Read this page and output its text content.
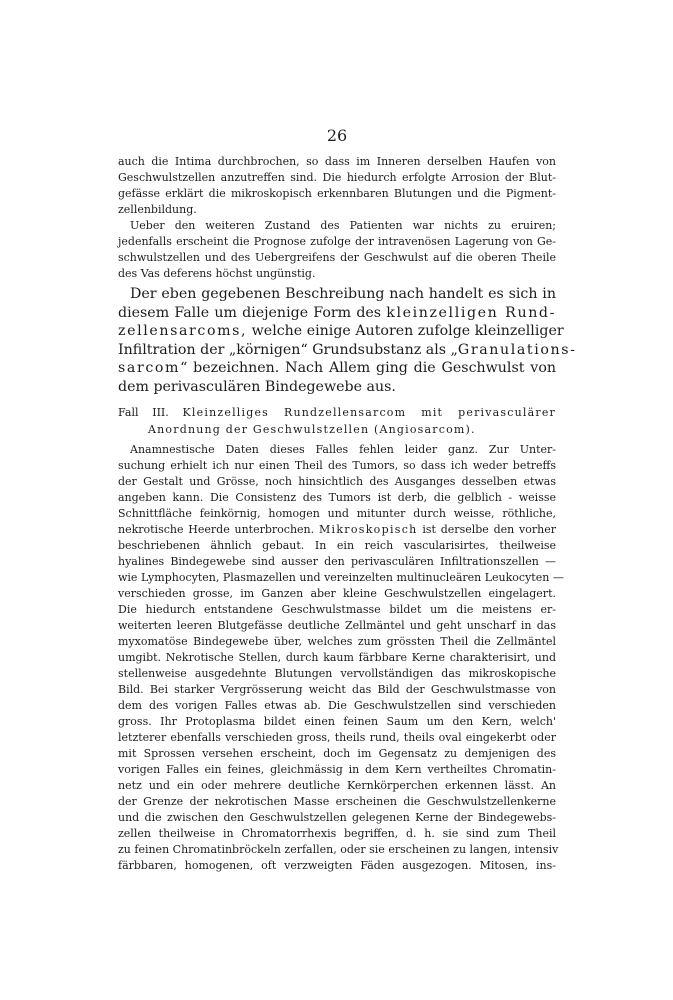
26
auch die Intima durchbrochen, so dass im Inneren derselben Haufen von
Geschwulstzellen anzutreffen sind. Die hiedurch erfolgte Arrosion der Blut-
gefässe erklärt die mikroskopisch erkennbaren Blutungen und die Pigment-
zellenbildung.
Ueber den weiteren Zustand des Patienten war nichts zu eruiren;
jedenfalls erscheint die Prognose zufolge der intravenösen Lagerung von Ge-
schwulstzellen und des Uebergreifens der Geschwulst auf die oberen Theile
des Vas deferens höchst ungünstig.
Der eben gegebenen Beschreibung nach handelt es sich in
diesem Falle um diejenige Form des kleinzelligen Rund-
zellensarcoms, welche einige Autoren zufolge kleinzelliger
Infiltration der „körnigen“ Grundsubstanz als „Granulations-
sarcom“ bezeichnen. Nach Allem ging die Geschwulst von
dem perivasculären Bindegewebe aus.
Fall III. Kleinzelliges Rundzellensarcom mit perivasculärer
Anordnung der Geschwulstzellen (Angiosarcom).
Anamnestische Daten dieses Falles fehlen leider ganz. Zur Unter-
suchung erhielt ich nur einen Theil des Tumors, so dass ich weder betreffs
der Gestalt und Grösse, noch hinsichtlich des Ausganges desselben etwas
angeben kann. Die Consistenz des Tumors ist derb, die gelblich - weisse
Schnittfläche feinkörnig, homogen und mitunter durch weisse, röthliche,
nekrotische Heerde unterbrochen. Mikroskopisch ist derselbe den vorher
beschriebenen ähnlich gebaut. In ein reich vascularisirtes, theilweise
hyalines Bindegewebe sind ausser den perivasculären Infiltrationszellen —
wie Lymphocyten, Plasmazellen und vereinzelten multinucleären Leukocyten —
verschieden grosse, im Ganzen aber kleine Geschwulstzellen eingelagert.
Die hiedurch entstandene Geschwulstmasse bildet um die meistens er-
weiterten leeren Blutgefässe deutliche Zellmäntel und geht unscharf in das
myxomatöse Bindegewebe über, welches zum grössten Theil die Zellmäntel
umgibt. Nekrotische Stellen, durch kaum färbbare Kerne charakterisirt, und
stellenweise ausgedehnte Blutungen vervollständigen das mikroskopische
Bild. Bei starker Vergrösserung weicht das Bild der Geschwulstmasse von
dem des vorigen Falles etwas ab. Die Geschwulstzellen sind verschieden
gross. Ihr Protoplasma bildet einen feinen Saum um den Kern, welch'
letzterer ebenfalls verschieden gross, theils rund, theils oval eingekerbt oder
mit Sprossen versehen erscheint, doch im Gegensatz zu demjenigen des
vorigen Falles ein feines, gleichmässig in dem Kern vertheiltes Chromatin-
netz und ein oder mehrere deutliche Kernkörperchen erkennen lässt. An
der Grenze der nekrotischen Masse erscheinen die Geschwulstzellenkerne
und die zwischen den Geschwulstzellen gelegenen Kerne der Bindegewebs-
zellen theilweise in Chromatorrhexis begriffen, d. h. sie sind zum Theil
zu feinen Chromatinbröckeln zerfallen, oder sie erscheinen zu langen, intensiv
färbbaren, homogenen, oft verzweigten Fäden ausgezogen. Mitosen, ins-
